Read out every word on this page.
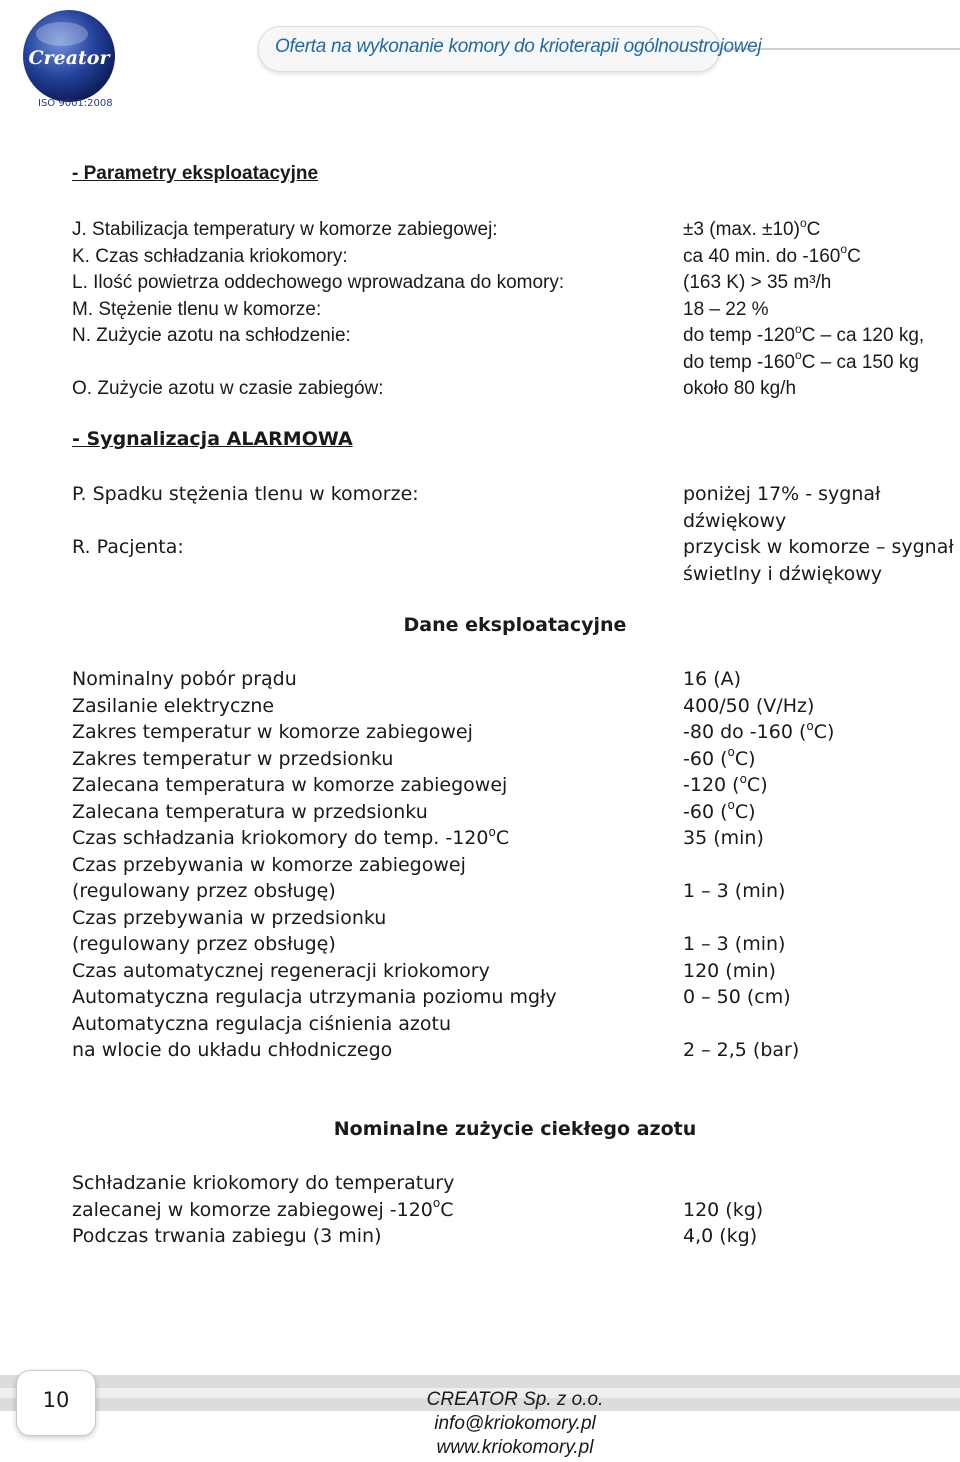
Creator
ISO 9001:2008
Oferta na wykonanie komory do krioterapii ogólnoustrojowej
- Parametry eksploatacyjne
J. Stabilizacja temperatury w komorze zabiegowej:
K. Czas schładzania kriokomory:
L. Ilość powietrza oddechowego wprowadzana do komory:
M. Stężenie tlenu w komorze:
N. Zużycie azotu na schłodzenie:
O. Zużycie azotu w czasie zabiegów:
±3 (max. ±10)$^o$C
ca 40 min. do -160$^o$C
(163 K) > 35 m³/h
18 – 22 %
do temp -120$^o$C – ca 120 kg,
do temp -160$^o$C – ca 150 kg
około 80 kg/h
- Sygnalizacja ALARMOWA
P. Spadku stężenia tlenu w komorze:
R. Pacjenta:
poniżej 17% - sygnał
dźwiękowy
przycisk w komorze – sygnał
świetlny i dźwiękowy
Dane eksploatacyjne
Nominalny pobór prądu
Zasilanie elektryczne
Zakres temperatur w komorze zabiegowej
Zakres temperatur w przedsionku
Zalecana temperatura w komorze zabiegowej
Zalecana temperatura w przedsionku
Czas schładzania kriokomory do temp. -120$^o$C
Czas przebywania w komorze zabiegowej
(regulowany przez obsługę)
Czas przebywania w przedsionku
(regulowany przez obsługę)
Czas automatycznej regeneracji kriokomory
Automatyczna regulacja utrzymania poziomu mgły
Automatyczna regulacja ciśnienia azotu
na wlocie do układu chłodniczego
16 (A)
400/50 (V/Hz)
-80 do -160 ($^o$C)
-60 ($^o$C)
-120 ($^o$C)
-60 ($^o$C)
35 (min)
1 – 3 (min)
1 – 3 (min)
120 (min)
0 – 50 (cm)
2 – 2,5 (bar)
Nominalne zużycie ciekłego azotu
Schładzanie kriokomory do temperatury
zalecanej w komorze zabiegowej -120$^o$C
Podczas trwania zabiegu (3 min)
120 (kg)
4,0 (kg)
10	CREATOR Sp. z o.o.
info@kriokomory.pl
www.kriokomory.pl
